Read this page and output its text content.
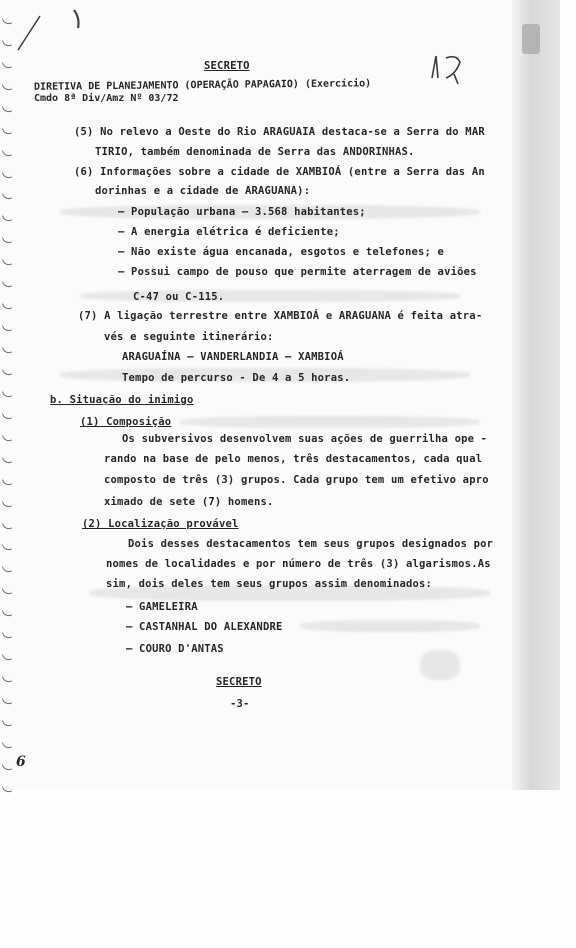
SECRETO
DIRETIVA DE PLANEJAMENTO (OPERAÇÃO PAPAGAIO) (Exercício)
Cmdo 8ª Div/Amz Nº 03/72
(5) No relevo a Oeste do Rio ARAGUAIA destaca-se a Serra do MAR
TIRIO, também denominada de Serra das ANDORINHAS.
(6) Informações sobre a cidade de XAMBIOÁ (entre a Serra das An
dorinhas e a cidade de ARAGUANA):
– População urbana – 3.568 habitantes;
– A energia elétrica é deficiente;
– Não existe água encanada, esgotos e telefones; e
– Possui campo de pouso que permite aterragem de aviões
C-47 ou C-115.
(7) A ligação terrestre entre XAMBIOÁ e ARAGUANA é feita atra-
vés e seguinte itinerário:
ARAGUAÍNA – VANDERLANDIA – XAMBIOÁ
Tempo de percurso - De 4 a 5 horas.
b. Situação do inimigo
(1) Composição
Os subversivos desenvolvem suas ações de guerrilha ope -
rando na base de pelo menos, três destacamentos, cada qual
composto de três (3) grupos. Cada grupo tem um efetivo apro
ximado de sete (7) homens.
(2) Localização provável
Dois desses destacamentos tem seus grupos designados por
nomes de localidades e por número de três (3) algarismos.As
sim, dois deles tem seus grupos assim denominados:
– GAMELEIRA
– CASTANHAL DO ALEXANDRE
– COURO D'ANTAS
SECRETO
-3-
6
